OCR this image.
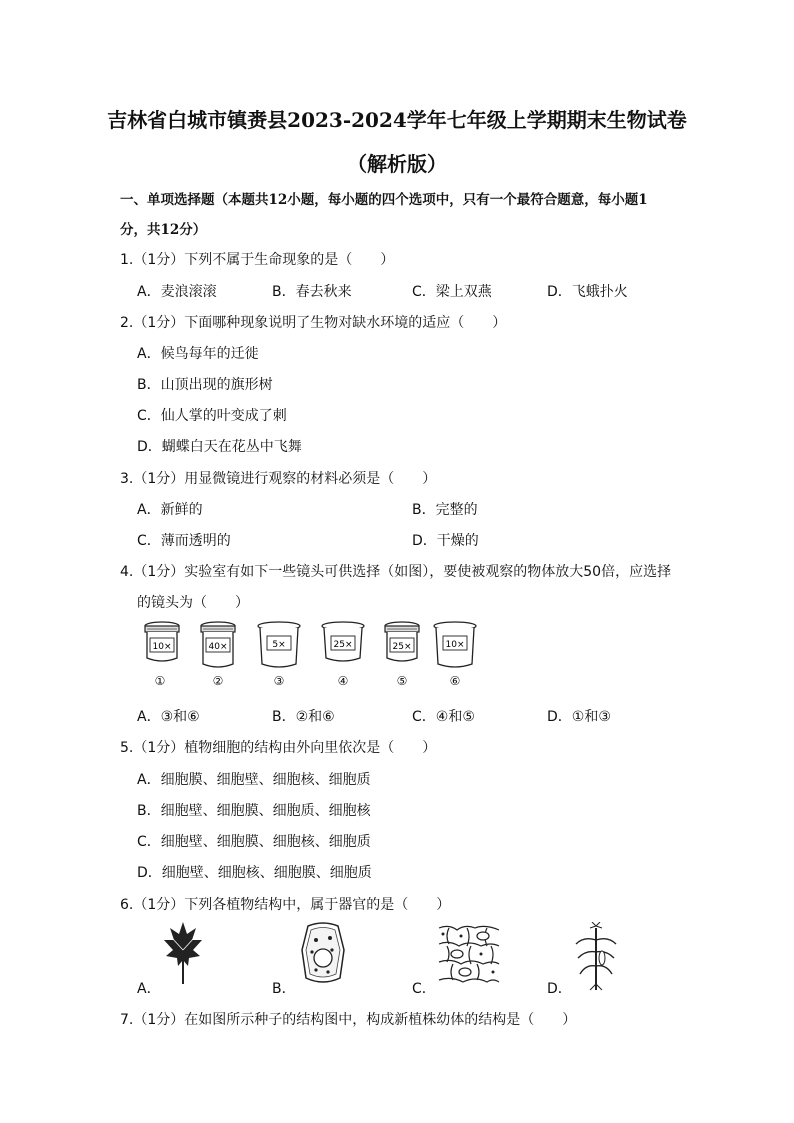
吉林省白城市镇赉县2023-2024学年七年级上学期期末生物试卷
（解析版）
一、单项选择题（本题共12小题，每小题的四个选项中，只有一个最符合题意，每小题1
分，共12分）
1.（1分）下列不属于生命现象的是（　　）
A．麦浪滚滚	B．春去秋来	C．梁上双燕	D．飞蛾扑火
2.（1分）下面哪种现象说明了生物对缺水环境的适应（　　）
A．候鸟每年的迁徙
B．山顶出现的旗形树
C．仙人掌的叶变成了刺
D．蝴蝶白天在花丛中飞舞
3.（1分）用显微镜进行观察的材料必须是（　　）
A．新鲜的	B．完整的
C．薄而透明的	D．干燥的
4.（1分）实验室有如下一些镜头可供选择（如图），要使被观察的物体放大50倍，应选择
的镜头为（　　）
10×
①
40×
②
5×
③
25×
④
25×
⑤
10×
⑥
A．③和⑥	B．②和⑥	C．④和⑤	D．①和③
5.（1分）植物细胞的结构由外向里依次是（　　）
A．细胞膜、细胞壁、细胞核、细胞质
B．细胞壁、细胞膜、细胞质、细胞核
C．细胞壁、细胞膜、细胞核、细胞质
D．细胞壁、细胞核、细胞膜、细胞质
6.（1分）下列各植物结构中，属于器官的是（　　）
A．	B．	C．	D．
7.（1分）在如图所示种子的结构图中，构成新植株幼体的结构是（　　）
